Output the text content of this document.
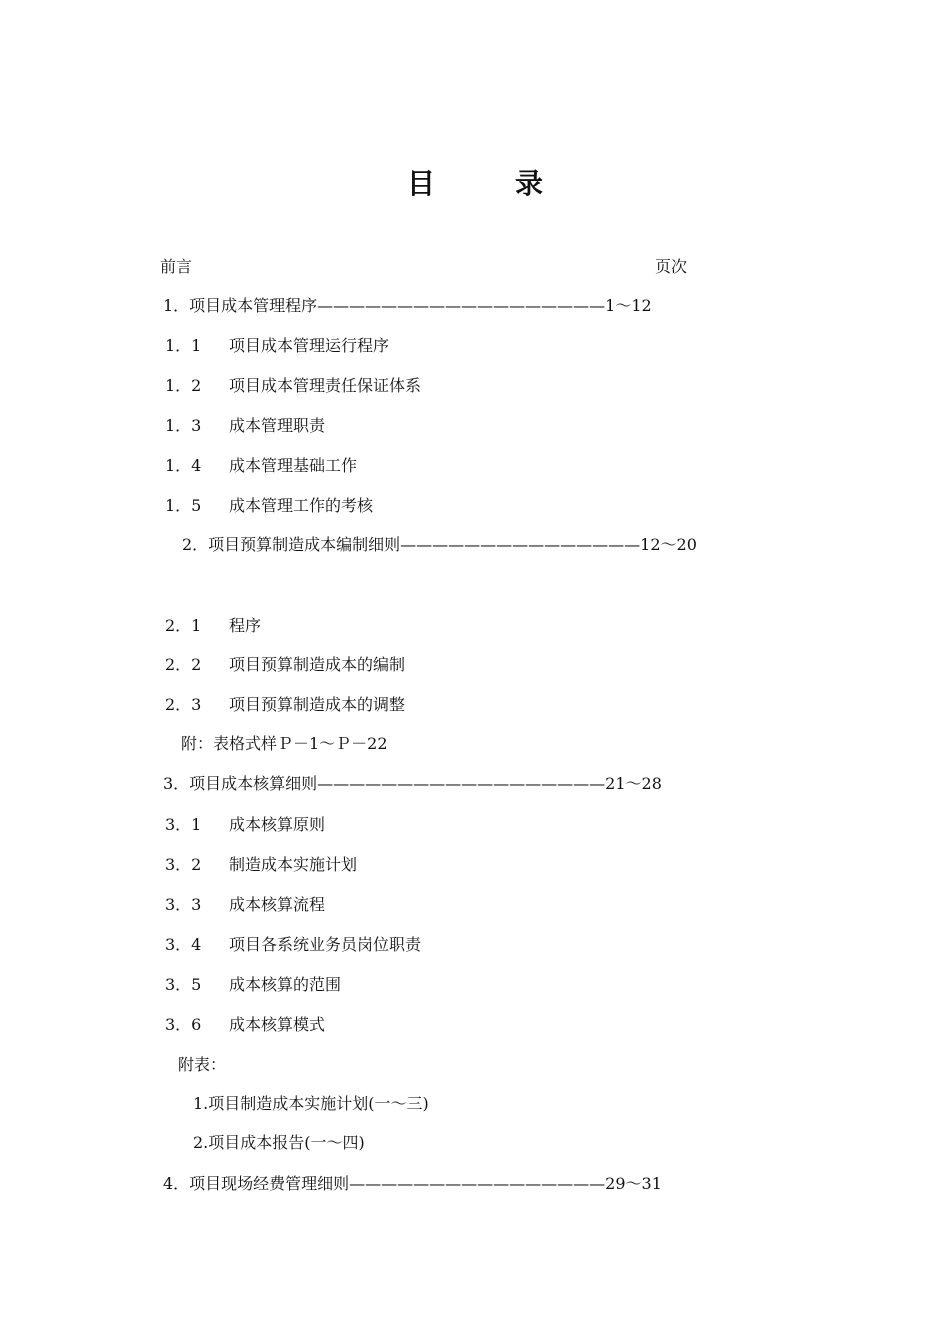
目	录
前言	页次
1．项目成本管理程序——————————————————1～12
1．1 项目成本管理运行程序
1．2 项目成本管理责任保证体系
1．3 成本管理职责
1．4 成本管理基础工作
1．5 成本管理工作的考核
2．项目预算制造成本编制细则———————————————12～20
2．1 程序
2．2 项目预算制造成本的编制
2．3 项目预算制造成本的调整
附：表格式样Ｐ－1～Ｐ－22
3．项目成本核算细则——————————————————21～28
3．1 成本核算原则
3．2 制造成本实施计划
3．3 成本核算流程
3．4 项目各系统业务员岗位职责
3．5 成本核算的范围
3．6 成本核算模式
附表：
1.项目制造成本实施计划(一～三)
2.项目成本报告(一～四)
4．项目现场经费管理细则————————————————29～31
